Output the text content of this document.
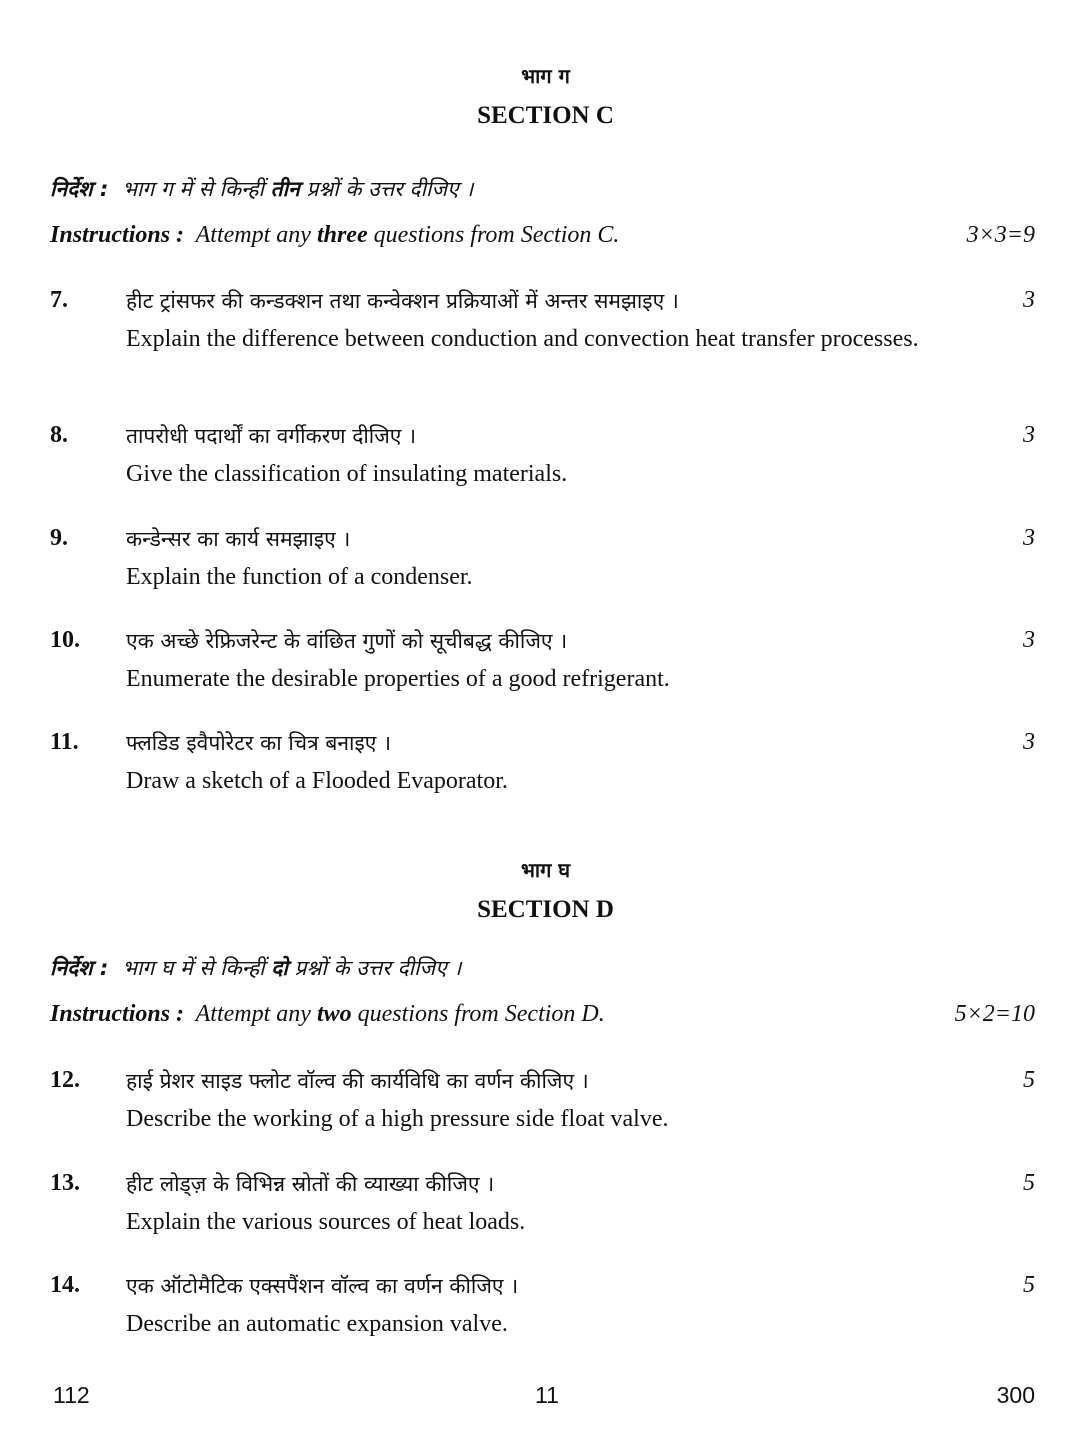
भाग ग
SECTION C
निर्देश : भाग ग में से किन्हीं तीन प्रश्नों के उत्तर दीजिए ।
Instructions : Attempt any three questions from Section C.	3×3=9
7.	हीट ट्रांसफर की कन्डक्शन तथा कन्वेक्शन प्रक्रियाओं में अन्तर समझाइए ।
Explain the difference between conduction and convection heat transfer processes.
3
8.	तापरोधी पदार्थों का वर्गीकरण दीजिए ।
Give the classification of insulating materials.
3
9.	कन्डेन्सर का कार्य समझाइए ।
Explain the function of a condenser.
3
10. एक अच्छे रेफ्रिजरेन्ट के वांछित गुणों को सूचीबद्ध कीजिए ।
Enumerate the desirable properties of a good refrigerant.
3
11. फ्लडिड इवैपोरेटर का चित्र बनाइए ।
Draw a sketch of a Flooded Evaporator.
3
भाग घ
SECTION D
निर्देश : भाग घ में से किन्हीं दो प्रश्नों के उत्तर दीजिए ।
Instructions : Attempt any two questions from Section D.	5×2=10
12. हाई प्रेशर साइड फ्लोट वॉल्व की कार्यविधि का वर्णन कीजिए ।
Describe the working of a high pressure side float valve.
5
13. हीट लोड्ज़ के विभिन्न स्रोतों की व्याख्या कीजिए ।
Explain the various sources of heat loads.
5
14. एक ऑटोमैटिक एक्सपैंशन वॉल्व का वर्णन कीजिए ।
Describe an automatic expansion valve.
5
112	11	300
